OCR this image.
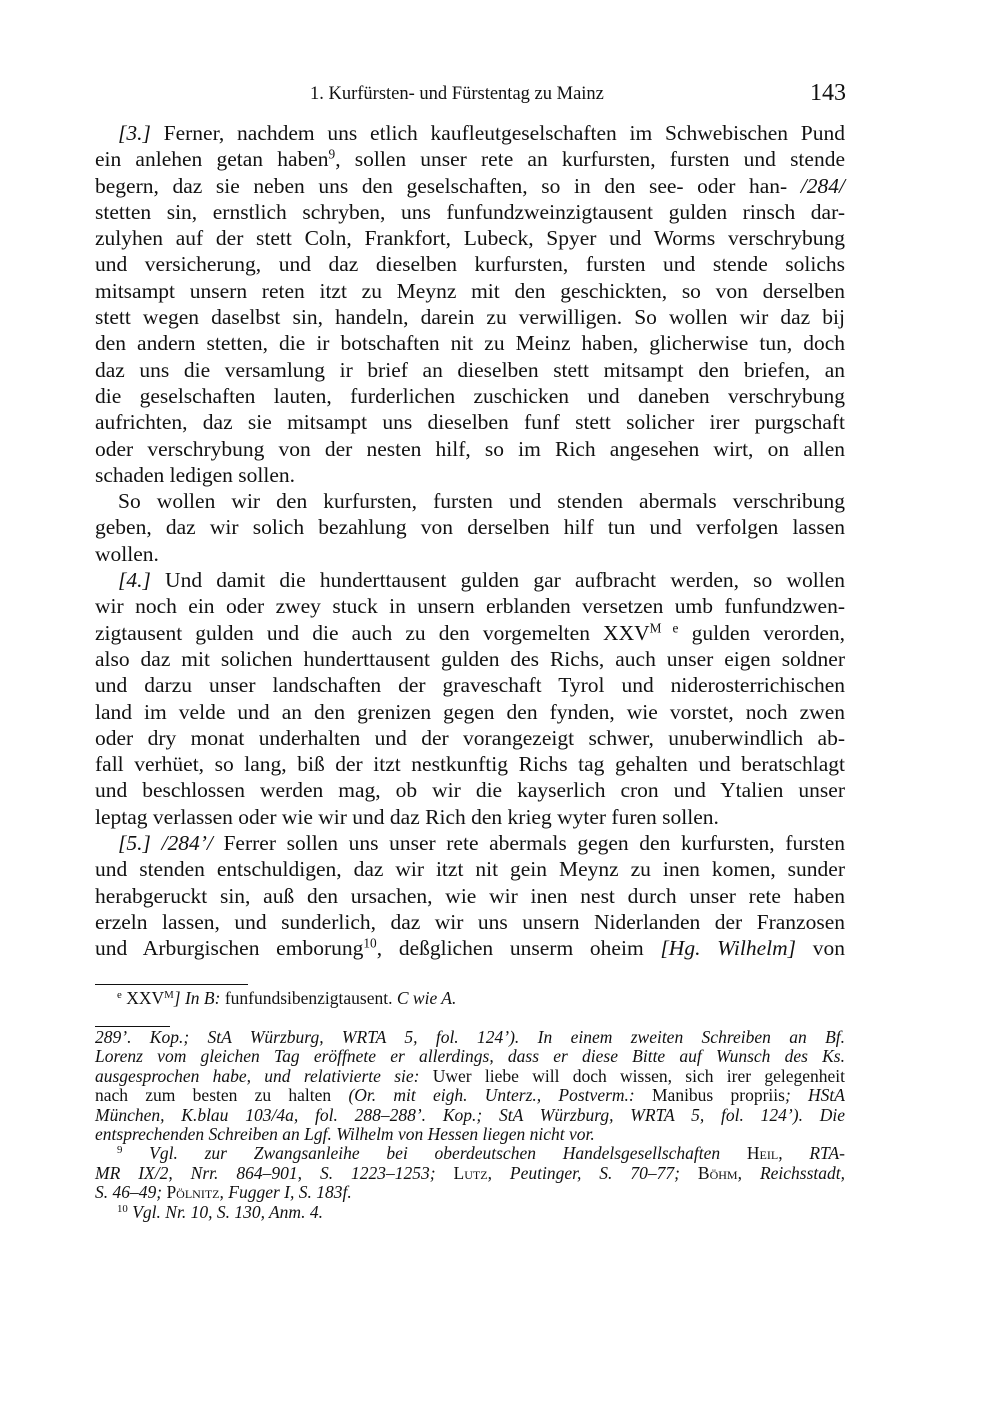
1. Kurfürsten- und Fürstentag zu Mainz	143
[3.] Ferner, nachdem uns etlich kaufleutgeselschaften im Schwebischen Pund
ein anlehen getan haben$^9$, sollen unser rete an kurfursten, fursten und stende
begern, daz sie neben uns den geselschaften, so in den see- oder han- /284/
stetten sin, ernstlich schryben, uns funfundzweinzigtausent gulden rinsch dar-
zulyhen auf der stett Coln, Frankfort, Lubeck, Spyer und Worms verschrybung
und versicherung, und daz dieselben kurfursten, fursten und stende solichs
mitsampt unsern reten itzt zu Meynz mit den geschickten, so von derselben
stett wegen daselbst sin, handeln, darein zu verwilligen. So wollen wir daz bij
den andern stetten, die ir botschaften nit zu Meinz haben, glicherwise tun, doch
daz uns die versamlung ir brief an dieselben stett mitsampt den briefen, an
die geselschaften lauten, furderlichen zuschicken und daneben verschrybung
aufrichten, daz sie mitsampt uns dieselben funf stett solicher irer purgschaft
oder verschrybung von der nesten hilf, so im Rich angesehen wirt, on allen
schaden ledigen sollen.
So wollen wir den kurfursten, fursten und stenden abermals verschribung
geben, daz wir solich bezahlung von derselben hilf tun und verfolgen lassen
wollen.
[4.] Und damit die hunderttausent gulden gar aufbracht werden, so wollen
wir noch ein oder zwey stuck in unsern erblanden versetzen umb funfundzwen-
zigtausent gulden und die auch zu den vorgemelten $XXV^{M e}$ gulden verorden,
also daz mit solichen hunderttausent gulden des Richs, auch unser eigen soldner
und darzu unser landschaften der graveschaft Tyrol und niderosterrichischen
land im velde und an den grenizen gegen den fynden, wie vorstet, noch zwen
oder dry monat underhalten und der vorangezeigt schwer, unuberwindlich ab-
fall verhüet, so lang, biß der itzt nestkunftig Richs tag gehalten und beratschlagt
und beschlossen werden mag, ob wir die kayserlich cron und Ytalien unser
leptag verlassen oder wie wir und daz Rich den krieg wyter furen sollen.
[5.] /284’/ Ferrer sollen uns unser rete abermals gegen den kurfursten, fursten
und stenden entschuldigen, daz wir itzt nit gein Meynz zu inen komen, sunder
herabgeruckt sin, auß den ursachen, wie wir inen nest durch unser rete haben
erzeln lassen, und sunderlich, daz wir uns unsern Niderlanden der Franzosen
und Arburgischen emborung$^{10}$, deßglichen unserm oheim [Hg. Wilhelm] von
$^e$ $XXV^M$] In B: funfundsibenzigtausent. C wie A.
289’. Kop.; StA Würzburg, WRTA 5, fol. 124’). In einem zweiten Schreiben an Bf.
Lorenz vom gleichen Tag eröffnete er allerdings, dass er diese Bitte auf Wunsch des Ks.
ausgesprochen habe, und relativierte sie: Uwer liebe will doch wissen, sich irer gelegenheit
nach zum besten zu halten (Or. mit eigh. Unterz., Postverm.: Manibus propriis; HStA
München, K.blau 103/4a, fol. 288–288’. Kop.; StA Würzburg, WRTA 5, fol. 124’). Die
entsprechenden Schreiben an Lgf. Wilhelm von Hessen liegen nicht vor.
$^9$ Vgl. zur Zwangsanleihe bei oberdeutschen Handelsgesellschaften Heil, RTA-
MR IX/2, Nrr. 864–901, S. 1223–1253; Lutz, Peutinger, S. 70–77; Böhm, Reichsstadt,
S. 46–49; Pölnitz, Fugger I, S. 183f.
$^{10}$ Vgl. Nr. 10, S. 130, Anm. 4.
